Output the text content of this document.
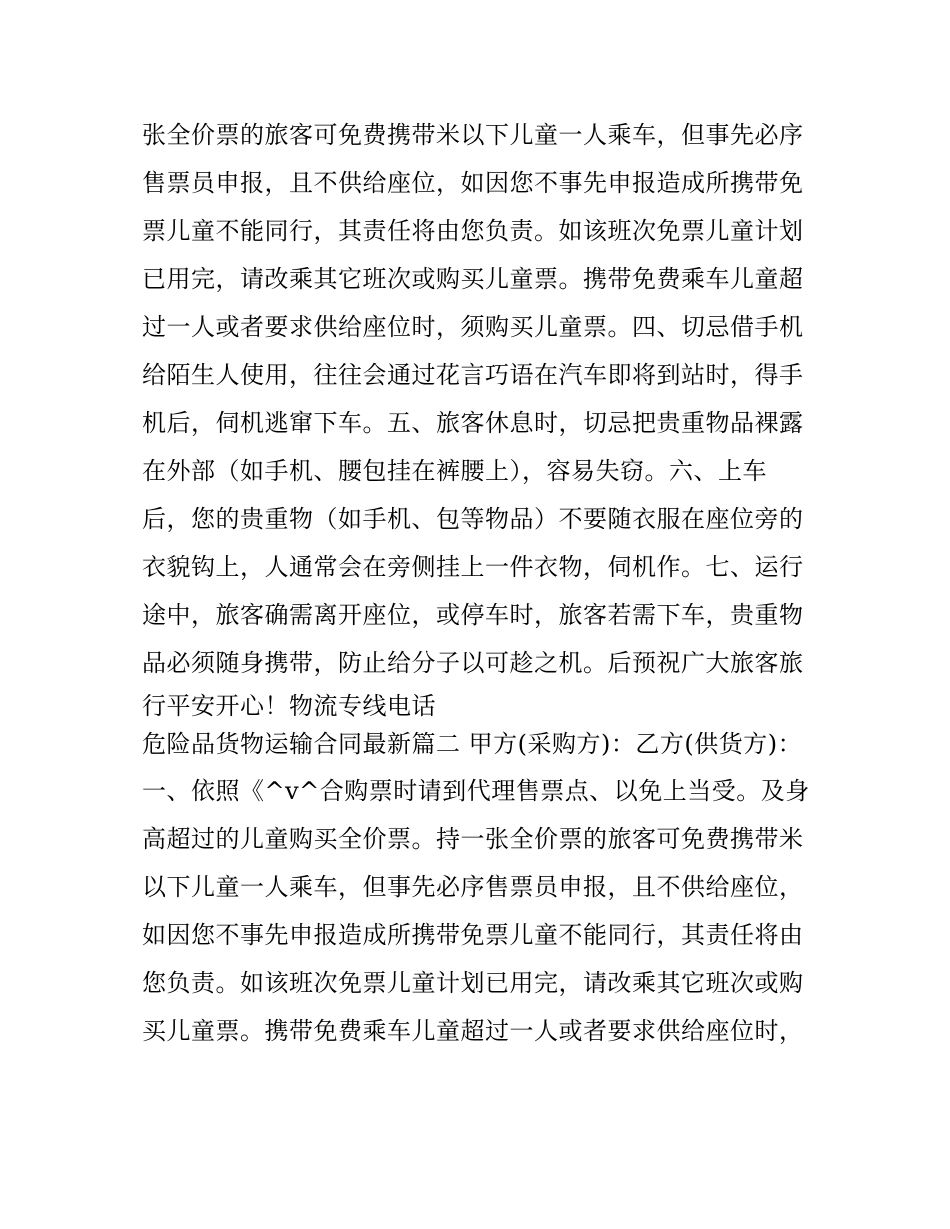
张全价票的旅客可免费携带米以下儿童一人乘车，但事先必序
售票员申报，且不供给座位，如因您不事先申报造成所携带免
票儿童不能同行，其责任将由您负责。如该班次免票儿童计划
已用完，请改乘其它班次或购买儿童票。携带免费乘车儿童超
过一人或者要求供给座位时，须购买儿童票。四、切忌借手机
给陌生人使用，往往会通过花言巧语在汽车即将到站时，得手
机后，伺机逃窜下车。五、旅客休息时，切忌把贵重物品裸露
在外部（如手机、腰包挂在裤腰上），容易失窃。六、上车
后，您的贵重物（如手机、包等物品）不要随衣服在座位旁的
衣貌钩上，人通常会在旁侧挂上一件衣物，伺机作。七、运行
途中，旅客确需离开座位，或停车时，旅客若需下车，贵重物
品必须随身携带，防止给分子以可趁之机。后预祝广大旅客旅
行平安开心！物流专线电话
危险品货物运输合同最新篇二 甲方(采购方)：乙方(供货方)：
一、依照《^v^合购票时请到代理售票点、以免上当受。及身
高超过的儿童购买全价票。持一张全价票的旅客可免费携带米
以下儿童一人乘车，但事先必序售票员申报，且不供给座位，
如因您不事先申报造成所携带免票儿童不能同行，其责任将由
您负责。如该班次免票儿童计划已用完，请改乘其它班次或购
买儿童票。携带免费乘车儿童超过一人或者要求供给座位时，
